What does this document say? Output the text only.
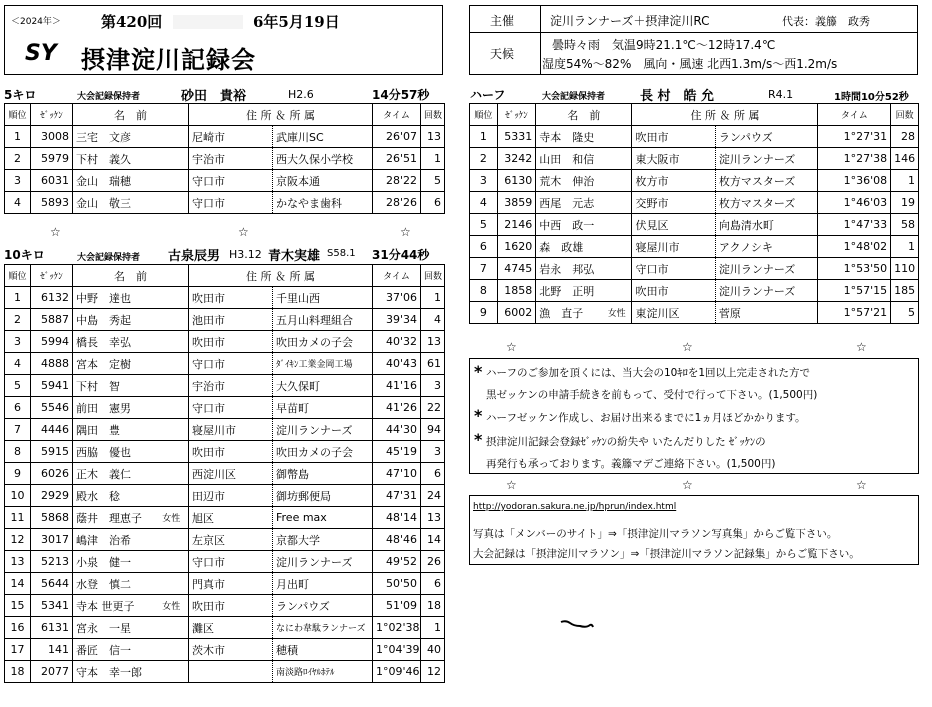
＜2024年＞	第420回	6年5月19日
SY 摂津淀川記録会
主催	淀川ランナーズ＋摂津淀川RC	代表：義籐　政秀
天候
曇時々雨　気温9時21.1℃～12時17.4℃
湿度54%～82%　風向・風速 北西1.3m/s～西1.2m/s
5キロ	大会記録保持者	砂田　貴裕	H2.6	14分57秒
順位	ｾﾞｯｹﾝ	名　前		住 所 ＆ 所 属		タイム	回数
1	3008	三宅　文彦		尼崎市	武庫川SC	26'07	13
2	5979	下村　義久		宇治市	西大久保小学校	26'51	1
3	6031	金山　瑞穂		守口市	京阪本通	28'22	5
4	5893	金山　敬三		守口市	かなやま歯科	28'26	6
☆	☆	☆
10キロ	大会記録保持者 古泉辰男 H3.12 青木実雄 S58.1 31分44秒
順位	ｾﾞｯｹﾝ	名　前		住 所 ＆ 所 属		タイム	回数
1	6132	中野　達也		吹田市	千里山西	37'06	1
2	5887	中島　秀起		池田市	五月山料理組合	39'34	4
3	5994	橋長　幸弘		吹田市	吹田カメの子会	40'32	13
4	4888	宮本　定樹		守口市	ﾀﾞｲｷﾝ工業金岡工場	40'43	61
5	5941	下村　智		宇治市	大久保町	41'16	3
6	5546	前田　憲男		守口市	早苗町	41'26	22
7	4446	隅田　豊		寝屋川市	淀川ランナーズ	44'30	94
8	5915	西脇　優也		吹田市	吹田カメの子会	45'19	3
9	6026	正木　義仁		西淀川区	御幣島	47'10	6
10	2929	殿水　稔		田辺市	御坊郵便局	47'31	24
11	5868	蔭井　理恵子	女性	旭区	Free max	48'14	13
12	3017	嶋津　治希		左京区	京都大学	48'46	14
13	5213	小泉　健一		守口市	淀川ランナーズ	49'52	26
14	5644	水登　慎二		門真市	月出町	50'50	6
15	5341	寺本 世更子	女性	吹田市	ランパウズ	51'09	18
16	6131	宮永　一星		灘区	なにわ韋駄ランナーズ	1°02'38	1
17	141	番匠　信一		茨木市	穂積	1°04'39	40
18	2077	守本　幸一郎			南淡路ﾛｲﾔﾙﾎﾃﾙ	1°09'46	12
ハーフ	大会記録保持者	長 村　皓 允	R4.1	1時間10分52秒
順位	ｾﾞｯｹﾝ	名　前		住 所 ＆ 所 属		タイム	回数
1	5331	寺本　隆史		吹田市	ランパウズ	1°27'31	28
2	3242	山田　和信		東大阪市	淀川ランナーズ	1°27'38	146
3	6130	荒木　伸治		枚方市	枚方マスターズ	1°36'08	1
4	3859	西尾　元志		交野市	枚方マスターズ	1°46'03	19
5	2146	中西　政一		伏見区	向島清水町	1°47'33	58
6	1620	森　政雄		寝屋川市	アクノシキ	1°48'02	1
7	4745	岩永　邦弘		守口市	淀川ランナーズ	1°53'50	110
8	1858	北野　正明		吹田市	淀川ランナーズ	1°57'15	185
9	6002	漁　直子	女性	東淀川区	菅原	1°57'21	5
☆	☆	☆
* ハーフのご参加を頂くには、当大会の10ｷﾛを1回以上完走された方で
黒ゼッケンの申請手続きを前もって、受付で行って下さい。(1,500円)
* ハーフゼッケン作成し、お届け出来るまでに1ヵ月ほどかかります。
* 摂津淀川記録会登録ｾﾞｯｹﾝの紛失や いたんだりした ｾﾞｯｹﾝの
再発行も承っております。義籐マデご連絡下さい。(1,500円)
☆	☆	☆
http://yodoran.sakura.ne.jp/hprun/index.html
写真は「メンバーのサイト」⇒「摂津淀川マラソン写真集」からご覧下さい。
大会記録は「摂津淀川マラソン」⇒「摂津淀川マラソン記録集」からご覧下さい。
